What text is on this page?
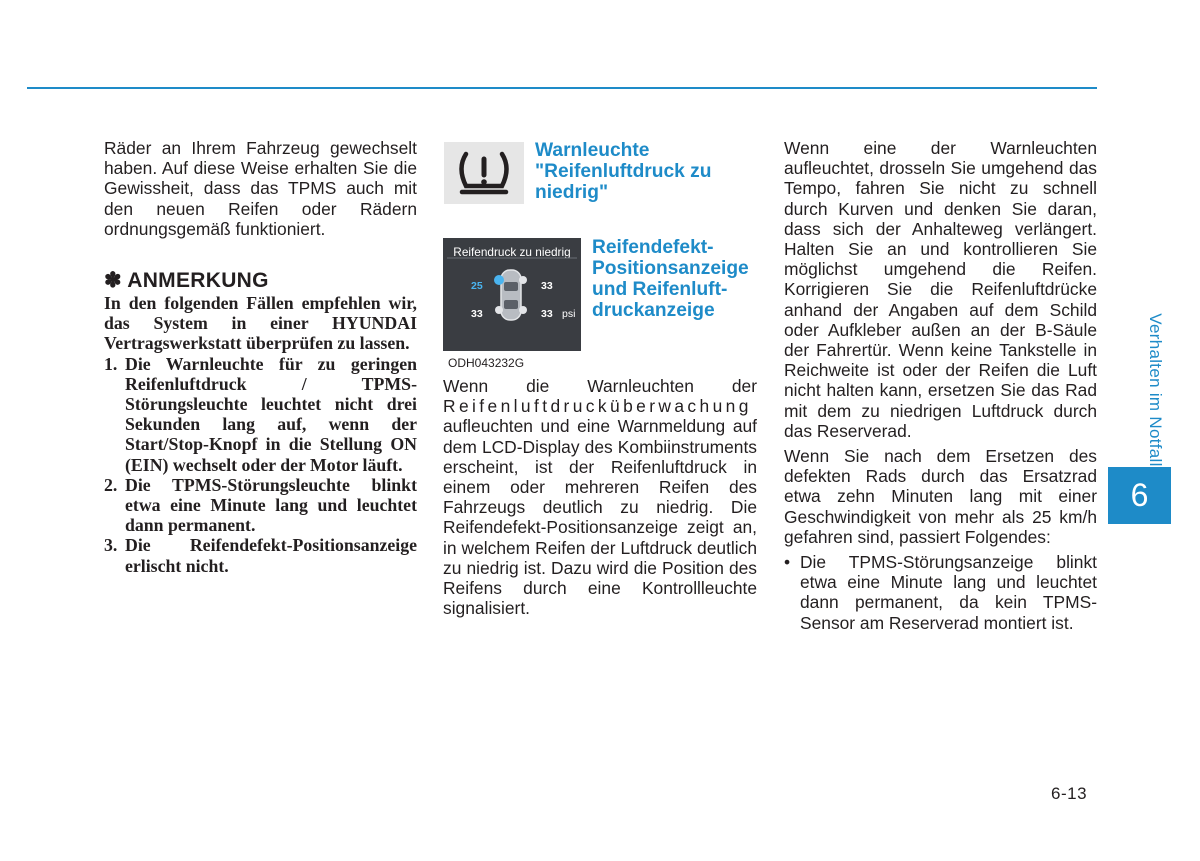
Räder an Ihrem Fahrzeug gewechselt haben. Auf diese Weise erhalten Sie die Gewissheit, dass das TPMS auch mit den neuen Reifen oder Rädern ordnungsgemäß funktioniert.

✽ ANMERKUNG

In den folgenden Fällen empfehlen wir, das System in einer HYUNDAI Vertragswerkstatt überprüfen zu lassen.

1. Die Warnleuchte für zu geringen Reifenluftdruck / TPMS-Störungsleuchte leuchtet nicht drei Sekunden lang auf, wenn der Start/Stop-Knopf in die Stellung ON (EIN) wechselt oder der Motor läuft.
2. Die TPMS-Störungsleuchte blinkt etwa eine Minute lang und leuchtet dann permanent.
3. Die Reifendefekt-Positionsanzeige erlischt nicht.
Warnleuchte "Reifenluftdruck zu niedrig"
Reifendruck zu niedrig
25	33
33	33 psi
ODH043232G
Reifendefekt-Positionsanzeige und Reifenluft-druckanzeige

Wenn die Warnleuchten der

Reifenluftdrucküberwachung

aufleuchten und eine Warnmeldung auf dem LCD-Display des Kombiinstruments erscheint, ist der Reifenluftdruck in einem oder mehreren Reifen des Fahrzeugs deutlich zu niedrig. Die Reifendefekt-Positionsanzeige zeigt an, in welchem Reifen der Luftdruck deutlich zu niedrig ist. Dazu wird die Position des Reifens durch eine Kontrollleuchte signalisiert.

Wenn eine der Warnleuchten aufleuchtet, drosseln Sie umgehend das Tempo, fahren Sie nicht zu schnell durch Kurven und denken Sie daran, dass sich der Anhalteweg verlängert. Halten Sie an und kontrollieren Sie möglichst umgehend die Reifen. Korrigieren Sie die Reifenluftdrücke anhand der Angaben auf dem Schild oder Aufkleber außen an der B-Säule der Fahrertür. Wenn keine Tankstelle in Reichweite ist oder der Reifen die Luft nicht halten kann, ersetzen Sie das Rad mit dem zu niedrigen Luftdruck durch das Reserverad.

Wenn Sie nach dem Ersetzen des defekten Rads durch das Ersatzrad etwa zehn Minuten lang mit einer Geschwindigkeit von mehr als 25 km/h gefahren sind, passiert Folgendes:

• Die TPMS-Störungsanzeige blinkt etwa eine Minute lang und leuchtet dann permanent, da kein TPMS-Sensor am Reserverad montiert ist.
Verhalten im Notfall
6
6-13
